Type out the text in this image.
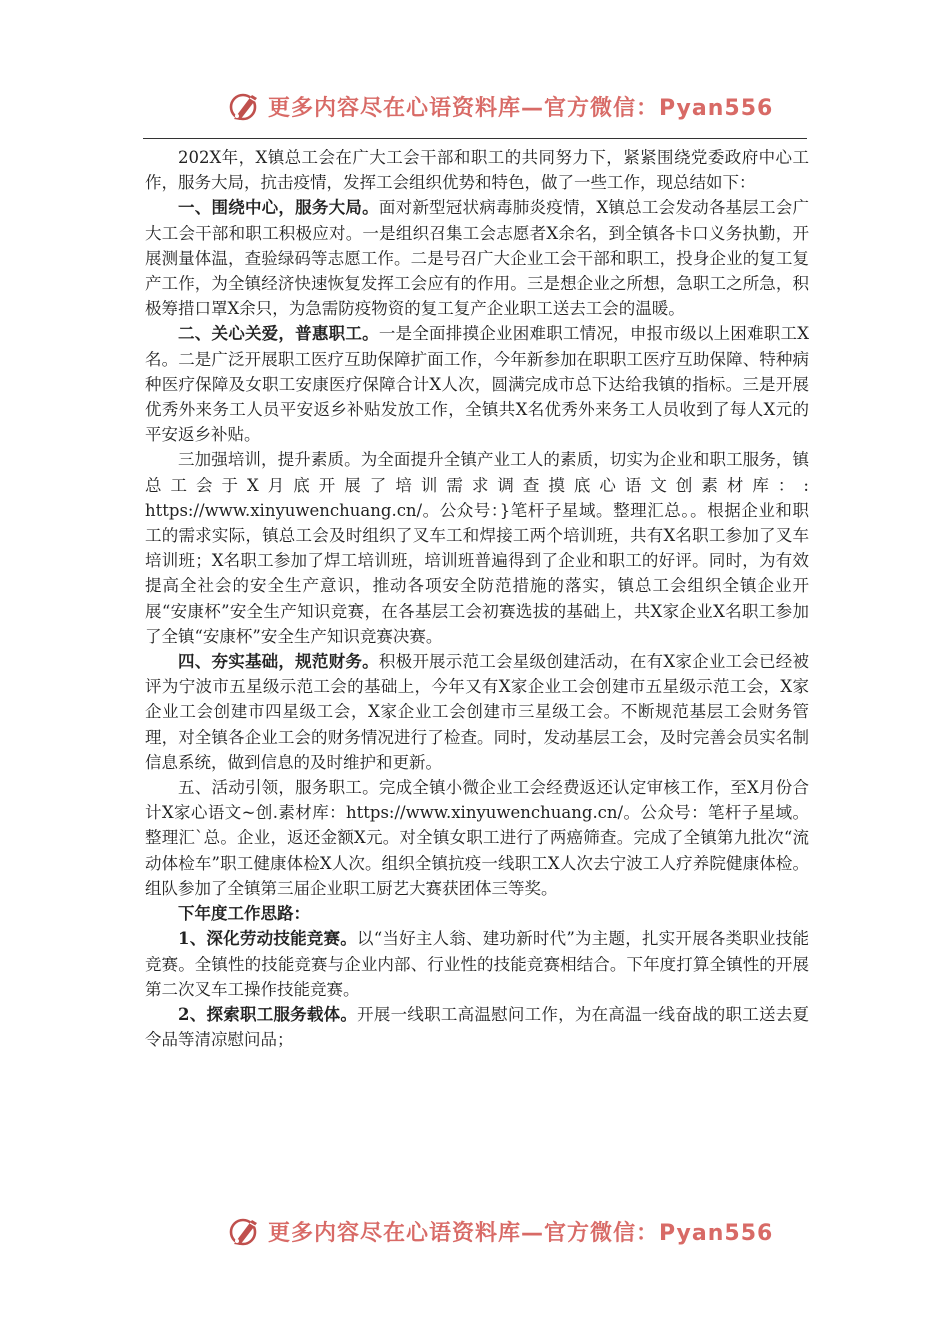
更多内容尽在心语资料库—官方微信：Pyan556

202X年，X镇总工会在广大工会干部和职工的共同努力下，紧紧围绕党委政府中心工作，服务大局，抗击疫情，发挥工会组织优势和特色，做了一些工作，现总结如下：

一、围绕中心，服务大局。面对新型冠状病毒肺炎疫情，X镇总工会发动各基层工会广大工会干部和职工积极应对。一是组织召集工会志愿者X余名，到全镇各卡口义务执勤，开展测量体温，查验绿码等志愿工作。二是号召广大企业工会干部和职工，投身企业的复工复产工作，为全镇经济快速恢复发挥工会应有的作用。三是想企业之所想，急职工之所急，积极筹措口罩X余只，为急需防疫物资的复工复产企业职工送去工会的温暖。

二、关心关爱，普惠职工。一是全面排摸企业困难职工情况，申报市级以上困难职工X名。二是广泛开展职工医疗互助保障扩面工作，今年新参加在职职工医疗互助保障、特种病种医疗保障及女职工安康医疗保障合计X人次，圆满完成市总下达给我镇的指标。三是开展优秀外来务工人员平安返乡补贴发放工作，全镇共X名优秀外来务工人员收到了每人X元的平安返乡补贴。

三加强培训，提升素质。为全面提升全镇产业工人的素质，切实为企业和职工服务，镇总工会于X月底开展了培训需求调查摸底心语文创素材库：: https://www.xinyuwenchuang.cn/。公众号：}笔杆子星域。整理汇总。。根据企业和职工的需求实际，镇总工会及时组织了叉车工和焊接工两个培训班，共有X名职工参加了叉车培训班；X名职工参加了焊工培训班，培训班普遍得到了企业和职工的好评。同时，为有效提高全社会的安全生产意识，推动各项安全防范措施的落实，镇总工会组织全镇企业开展“安康杯”安全生产知识竞赛，在各基层工会初赛选拔的基础上，共X家企业X名职工参加了全镇“安康杯”安全生产知识竞赛决赛。

四、夯实基础，规范财务。积极开展示范工会星级创建活动，在有X家企业工会已经被评为宁波市五星级示范工会的基础上，今年又有X家企业工会创建市五星级示范工会，X家企业工会创建市四星级工会，X家企业工会创建市三星级工会。不断规范基层工会财务管理，对全镇各企业工会的财务情况进行了检查。同时，发动基层工会，及时完善会员实名制信息系统，做到信息的及时维护和更新。

五、活动引领，服务职工。完成全镇小微企业工会经费返还认定审核工作，至X月份合计X家心语文~创.素材库：https://www.xinyuwenchuang.cn/。公众号：笔杆子星域。整理汇`总。企业，返还金额X元。对全镇女职工进行了两癌筛查。完成了全镇第九批次“流动体检车”职工健康体检X人次。组织全镇抗疫一线职工X人次去宁波工人疗养院健康体检。组队参加了全镇第三届企业职工厨艺大赛获团体三等奖。

下年度工作思路：

1、深化劳动技能竞赛。以“当好主人翁、建功新时代”为主题，扎实开展各类职业技能竞赛。全镇性的技能竞赛与企业内部、行业性的技能竞赛相结合。下年度打算全镇性的开展第二次叉车工操作技能竞赛。

2、探索职工服务载体。开展一线职工高温慰问工作，为在高温一线奋战的职工送去夏令品等清凉慰问品；

更多内容尽在心语资料库—官方微信：Pyan556
